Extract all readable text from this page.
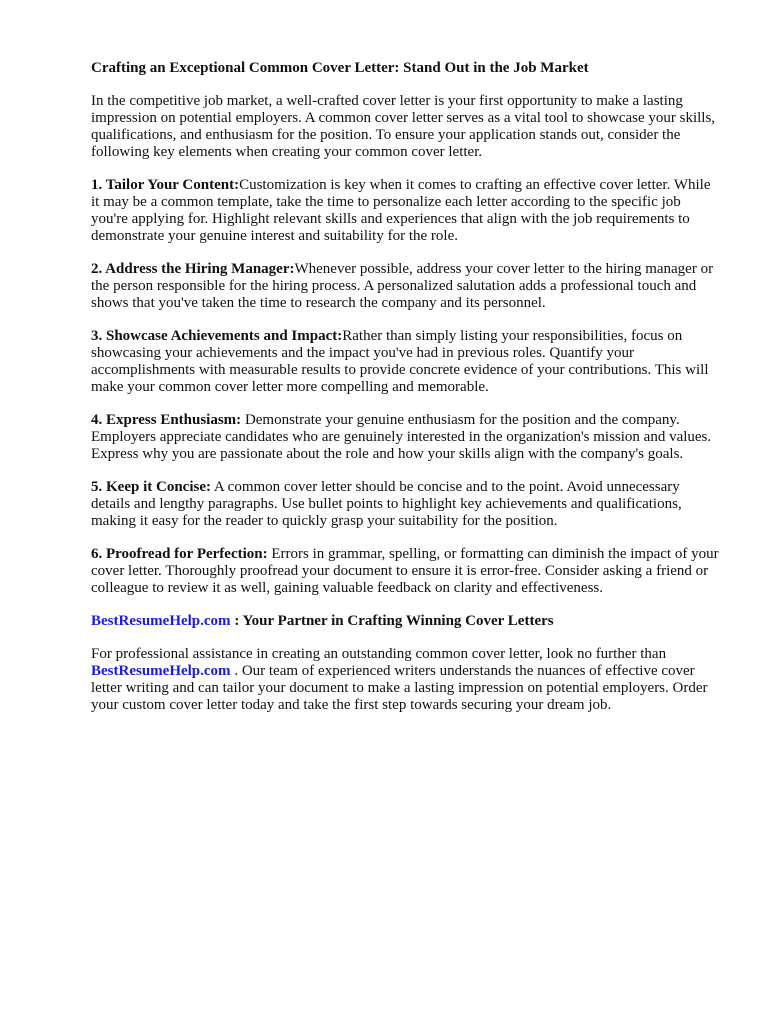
Crafting an Exceptional Common Cover Letter: Stand Out in the Job Market

In the competitive job market, a well-crafted cover letter is your first opportunity to make a lasting impression on potential employers. A common cover letter serves as a vital tool to showcase your skills, qualifications, and enthusiasm for the position. To ensure your application stands out, consider the following key elements when creating your common cover letter.

1. Tailor Your Content:Customization is key when it comes to crafting an effective cover letter. While it may be a common template, take the time to personalize each letter according to the specific job you're applying for. Highlight relevant skills and experiences that align with the job requirements to demonstrate your genuine interest and suitability for the role.

2. Address the Hiring Manager:Whenever possible, address your cover letter to the hiring manager or the person responsible for the hiring process. A personalized salutation adds a professional touch and shows that you've taken the time to research the company and its personnel.

3. Showcase Achievements and Impact:Rather than simply listing your responsibilities, focus on showcasing your achievements and the impact you've had in previous roles. Quantify your accomplishments with measurable results to provide concrete evidence of your contributions. This will make your common cover letter more compelling and memorable.

4. Express Enthusiasm: Demonstrate your genuine enthusiasm for the position and the company. Employers appreciate candidates who are genuinely interested in the organization's mission and values. Express why you are passionate about the role and how your skills align with the company's goals.

5. Keep it Concise: A common cover letter should be concise and to the point. Avoid unnecessary details and lengthy paragraphs. Use bullet points to highlight key achievements and qualifications, making it easy for the reader to quickly grasp your suitability for the position.

6. Proofread for Perfection: Errors in grammar, spelling, or formatting can diminish the impact of your cover letter. Thoroughly proofread your document to ensure it is error-free. Consider asking a friend or colleague to review it as well, gaining valuable feedback on clarity and effectiveness.

BestResumeHelp.com : Your Partner in Crafting Winning Cover Letters

For professional assistance in creating an outstanding common cover letter, look no further than BestResumeHelp.com . Our team of experienced writers understands the nuances of effective cover letter writing and can tailor your document to make a lasting impression on potential employers. Order your custom cover letter today and take the first step towards securing your dream job.
